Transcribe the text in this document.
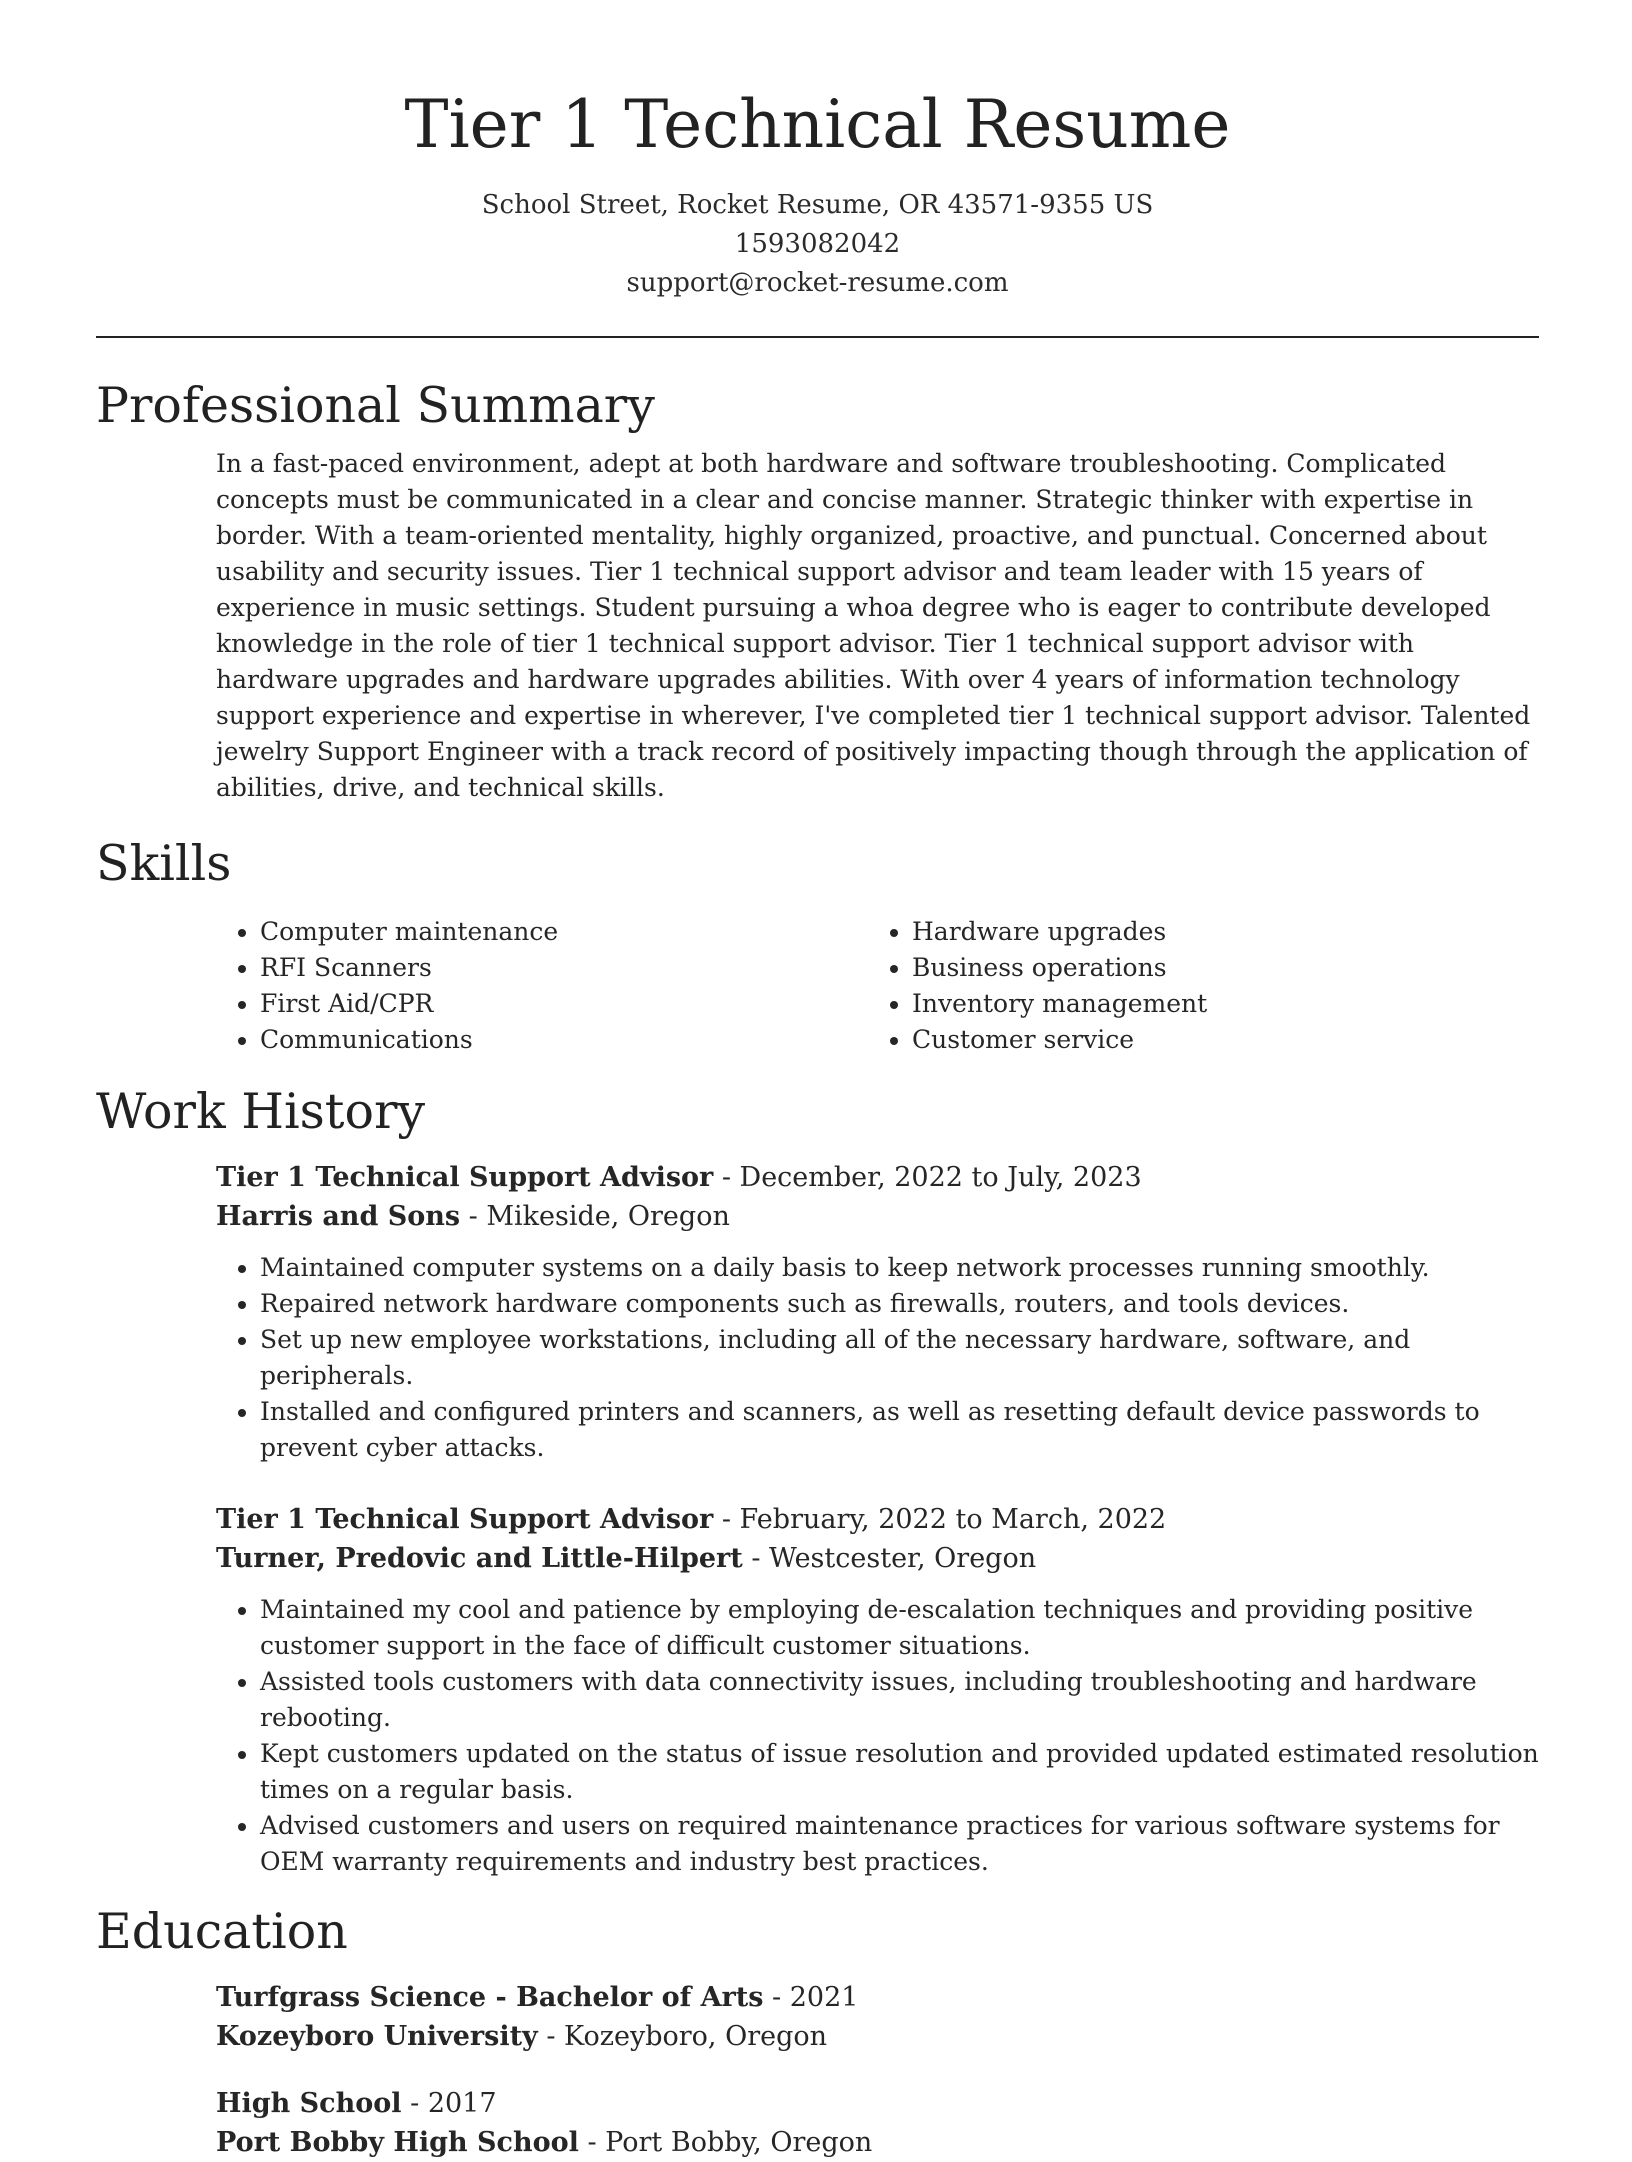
Tier 1 Technical Resume
School Street, Rocket Resume, OR 43571-9355 US
1593082042
support@rocket-resume.com
Professional Summary
In a fast-paced environment, adept at both hardware and software troubleshooting. Complicated concepts must be communicated in a clear and concise manner. Strategic thinker with expertise in border. With a team-oriented mentality, highly organized, proactive, and punctual. Concerned about usability and security issues. Tier 1 technical support advisor and team leader with 15 years of experience in music settings. Student pursuing a whoa degree who is eager to contribute developed knowledge in the role of tier 1 technical support advisor. Tier 1 technical support advisor with hardware upgrades and hardware upgrades abilities. With over 4 years of information technology support experience and expertise in wherever, I've completed tier 1 technical support advisor. Talented jewelry Support Engineer with a track record of positively impacting though through the application of abilities, drive, and technical skills.
Skills
• Computer maintenance
• RFI Scanners
• First Aid/CPR
• Communications
• Hardware upgrades
• Business operations
• Inventory management
• Customer service
Work History
Tier 1 Technical Support Advisor - December, 2022 to July, 2023
Harris and Sons - Mikeside, Oregon
• Maintained computer systems on a daily basis to keep network processes running smoothly.
• Repaired network hardware components such as firewalls, routers, and tools devices.
• Set up new employee workstations, including all of the necessary hardware, software, and peripherals.
• Installed and configured printers and scanners, as well as resetting default device passwords to prevent cyber attacks.
Tier 1 Technical Support Advisor - February, 2022 to March, 2022
Turner, Predovic and Little-Hilpert - Westcester, Oregon
• Maintained my cool and patience by employing de-escalation techniques and providing positive customer support in the face of difficult customer situations.
• Assisted tools customers with data connectivity issues, including troubleshooting and hardware rebooting.
• Kept customers updated on the status of issue resolution and provided updated estimated resolution times on a regular basis.
• Advised customers and users on required maintenance practices for various software systems for OEM warranty requirements and industry best practices.
Education
Turfgrass Science - Bachelor of Arts - 2021
Kozeyboro University - Kozeyboro, Oregon
High School - 2017
Port Bobby High School - Port Bobby, Oregon
